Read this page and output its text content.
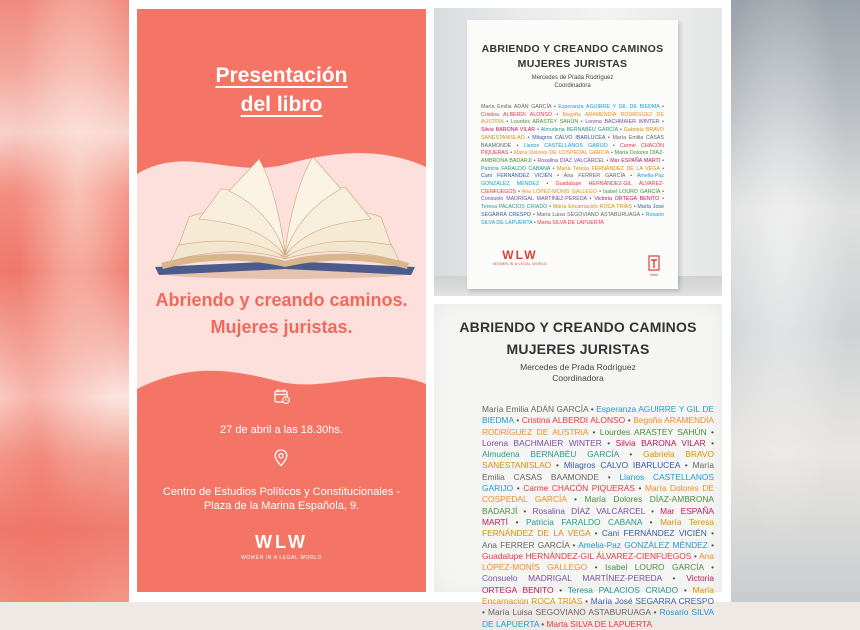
Presentación
del libro
Abriendo y creando caminos.
Mujeres juristas.
27 de abril a las 18.30hs.
Centro de Estudios Políticos y Constitucionales -
Plaza de la Marina Española, 9.
WLW
WOMEN IN A LEGAL WORLD
ABRIENDO Y CREANDO CAMINOS
MUJERES JURISTAS
Mercedes de Prada Rodríguez
Coordinadora
María Emilia ADÁN GARCÍA • Esperanza AGUIRRE Y GIL DE BIEDMA • Cristina ALBERDI ALONSO • Begoña ARAMENDÍA RODRÍGUEZ DE AUSTRIA • Lourdes ARASTEY SAHÚN • Lorena BACHMAIER WINTER • Silvia BARONA VILAR • Almudena BERNABÉU GARCÍA • Gabriela BRAVO SANESTANISLAO • Milagros CALVO IBARLUCEA • María Emilia CASAS BAAMONDE • Llanos CASTELLANOS GARIJO • Carme CHACÓN PIQUERAS • María Dolores DE COSPEDAL GARCÍA • María Dolores DÍAZ-AMBRONA BADARJÍ • Rosalina DÍAZ VALCÁRCEL • Mar ESPAÑA MARTÍ • Patricia FARALDO CABANA • María Teresa FERNÁNDEZ DE LA VEGA • Cani FERNÁNDEZ VICIÉN • Ana FERRER GARCÍA • Amelia-Paz GONZÁLEZ MÉNDEZ • Guadalupe HERNÁNDEZ-GIL ÁLVAREZ-CIENFUEGOS • Ana LÓPEZ-MONÍS GALLEGO • Isabel LOURO GARCÍA • Consuelo MADRIGAL MARTÍNEZ-PEREDA • Victoria ORTEGA BENITO • Teresa PALACIOS CRIADO • María Encarnación ROCA TRÍAS • María José SEGARRA CRESPO • María Luisa SEGOVIANO ASTABURUAGA • Rosario SILVA DE LAPUERTA • Marta SILVA DE LAPUERTA
WLW
WOMEN IN A LEGAL WORLD
tirant
ABRIENDO Y CREANDO CAMINOS
MUJERES JURISTAS
Mercedes de Prada Rodríguez
Coordinadora
María Emilia ADÁN GARCÍA • Esperanza AGUIRRE Y GIL DE BIEDMA • Cristina ALBERDI ALONSO • Begoña ARAMENDÍA RODRÍGUEZ DE AUSTRIA • Lourdes ARASTEY SAHÚN • Lorena BACHMAIER WINTER • Silvia BARONA VILAR • Almudena BERNABÉU GARCÍA • Gabriela BRAVO SANESTANISLAO • Milagros CALVO IBARLUCEA • María Emilia CASAS BAAMONDE • Llanos CASTELLANOS GARIJO • Carme CHACÓN PIQUERAS • María Dolores DE COSPEDAL GARCÍA • María Dolores DÍAZ-AMBRONA BADARJÍ • Rosalina DÍAZ VALCÁRCEL • Mar ESPAÑA MARTÍ • Patricia FARALDO CABANA • María Teresa FERNÁNDEZ DE LA VEGA • Cani FERNÁNDEZ VICIÉN • Ana FERRER GARCÍA • Amelia-Paz GONZÁLEZ MÉNDEZ • Guadalupe HERNÁNDEZ-GIL ÁLVAREZ-CIENFUEGOS • Ana LÓPEZ-MONÍS GALLEGO • Isabel LOURO GARCÍA • Consuelo MADRIGAL MARTÍNEZ-PEREDA • Victoria ORTEGA BENITO • Teresa PALACIOS CRIADO • María Encarnación ROCA TRÍAS • María José SEGARRA CRESPO • María Luisa SEGOVIANO ASTABURUAGA • Rosario SILVA DE LAPUERTA • Marta SILVA DE LAPUERTA
